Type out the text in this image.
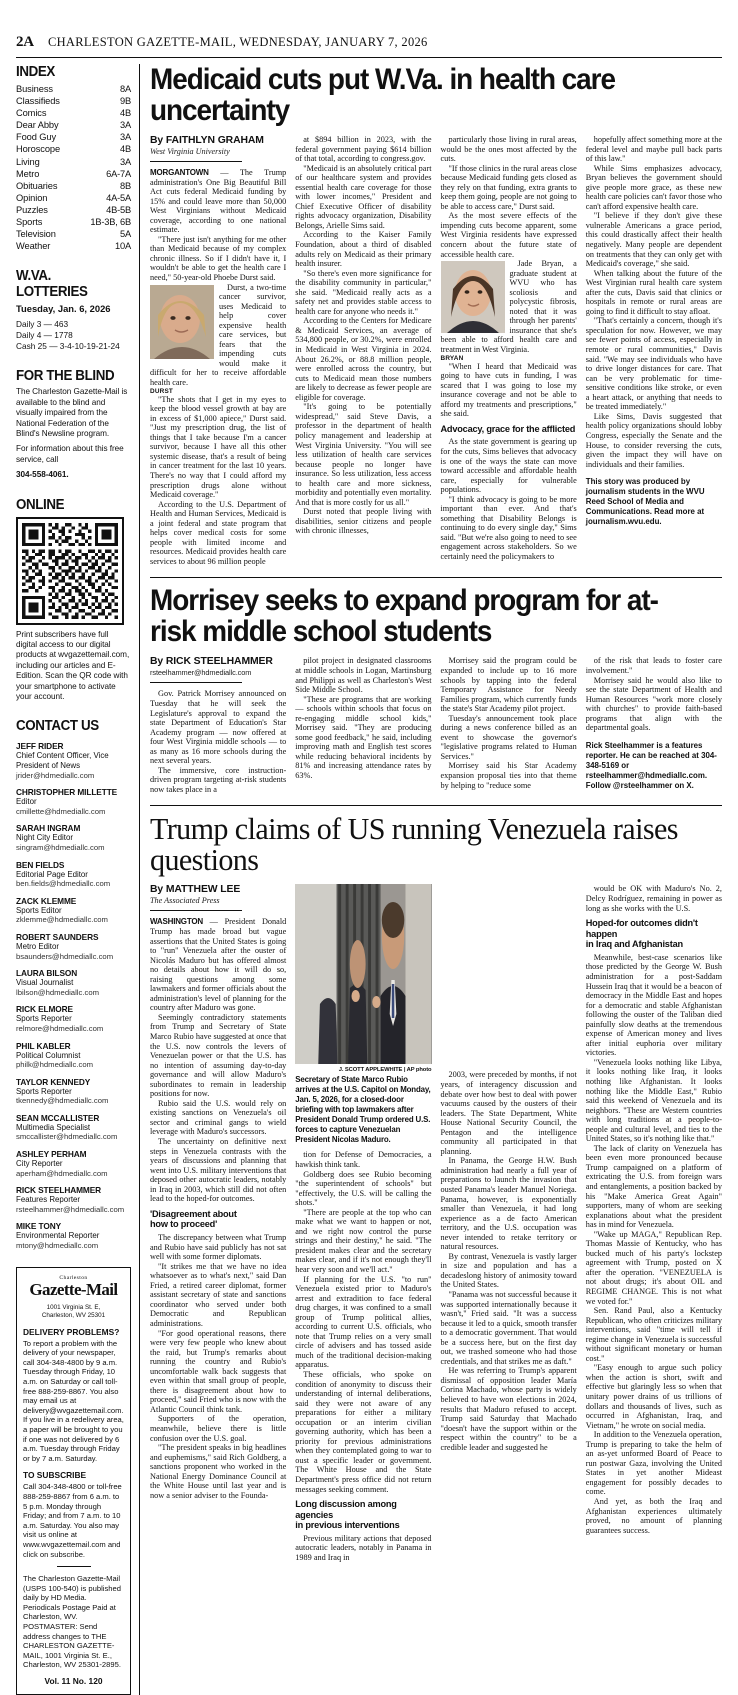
2A CHARLESTON GAZETTE-MAIL, WEDNESDAY, JANUARY 7, 2026
INDEX
Business	8A
Classifieds	9B
Comics	4B
Dear Abby	3A
Food Guy	3A
Horoscope	4B
Living	3A
Metro	6A-7A
Obituaries	8B
Opinion	4A-5A
Puzzles	4B-5B
Sports	1B-3B, 6B
Television	5A
Weather	10A
W.VA. LOTTERIES
Tuesday, Jan. 6, 2026
Daily 3 — 463
Daily 4 — 1778
Cash 25 — 3-4-10-19-21-24
FOR THE BLIND

The Charleston Gazette-Mail is available to the blind and visually impaired from the National Federation of the Blind's Newsline program.

For information about this free service, call

304-558-4061.

ONLINE

Print subscribers have full digital access to our digital products at wvgazettemail.com, including our articles and E-Edition. Scan the QR code with your smartphone to activate your account.

CONTACT US
JEFF RIDER
Chief Content Officer, Vice President of News
jrider@hdmediallc.com
CHRISTOPHER MILLETTE
Editor
cmillette@hdmediallc.com
SARAH INGRAM
Night City Editor
singram@hdmediallc.com
BEN FIELDS
Editorial Page Editor
ben.fields@hdmediallc.com
ZACK KLEMME
Sports Editor
zklemme@hdmediallc.com
ROBERT SAUNDERS
Metro Editor
bsaunders@hdmediallc.com
LAURA BILSON
Visual Journalist
lbilson@hdmediallc.com
RICK ELMORE
Sports Reporter
relmore@hdmediallc.com
PHIL KABLER
Political Columnist
philk@hdmediallc.com
TAYLOR KENNEDY
Sports Reporter
tkennedy@hdmediallc.com
SEAN MCCALLISTER
Multimedia Specialist
smccallister@hdmediallc.com
ASHLEY PERHAM
City Reporter
aperham@hdmediallc.com
RICK STEELHAMMER
Features Reporter
rsteelhammer@hdmediallc.com
MIKE TONY
Environmental Reporter
mtony@hdmediallc.com
Charleston
Gazette-Mail
1001 Virginia St. E,
Charleston, WV 25301
DELIVERY PROBLEMS?

To report a problem with the delivery of your newspaper, call 304-348-4800 by 9 a.m. Tuesday through Friday, 10 a.m. on Saturday or call toll-free 888-259-8867. You also may email us at delivery@wvgazettemail.com. If you live in a redelivery area, a paper will be brought to you if one was not delivered by 6 a.m. Tuesday through Friday or by 7 a.m. Saturday.

TO SUBSCRIBE

Call 304-348-4800 or toll-free 888-259-8867 from 6 a.m. to 5 p.m. Monday through Friday; and from 7 a.m. to 10 a.m. Saturday. You also may visit us online at www.wvgazettemail.com and click on subscribe.

The Charleston Gazette-Mail (USPS 100-540) is published daily by HD Media. Periodicals Postage Paid at Charleston, WV. POSTMASTER: Send address changes to THE CHARLESTON GAZETTE-MAIL, 1001 Virginia St. E., Charleston, WV 25301-2895.

Vol. 11 No. 120
Medicaid cuts put W.Va. in health care uncertainty
By FAITHLYN GRAHAM
West Virginia University

MORGANTOWN — The Trump administration's One Big Beautiful Bill Act cuts federal Medicaid funding by 15% and could leave more than 50,000 West Virginians without Medicaid coverage, according to one national estimate.

"There just isn't anything for me other than Medicaid because of my complex chronic illness. So if I didn't have it, I wouldn't be able to get the health care I need," 50-year-old Phoebe Durst said.

Durst, a two-time cancer survivor, uses Medicaid to help cover expensive health care services, but fears that the impending cuts would make it difficult for her to receive affordable health care.

DURST

"The shots that I get in my eyes to keep the blood vessel growth at bay are in excess of $1,000 apiece," Durst said. "Just my prescription drug, the list of things that I take because I'm a cancer survivor, because I have all this other systemic disease, that's a result of being in cancer treatment for the last 10 years. There's no way that I could afford my prescription drugs alone without Medicaid coverage."

According to the U.S. Department of Health and Human Services, Medicaid is a joint federal and state program that helps cover medical costs for some people with limited income and resources. Medicaid provides health care services to about 96 million people

at $894 billion in 2023, with the federal government paying $614 billion of that total, according to congress.gov.

"Medicaid is an absolutely critical part of our healthcare system and provides essential health care coverage for those with lower incomes," President and Chief Executive Officer of disability rights advocacy organization, Disability Belongs, Arielle Sims said.

According to the Kaiser Family Foundation, about a third of disabled adults rely on Medicaid as their primary health insurer.

"So there's even more significance for the disability community in particular," she said. "Medicaid really acts as a safety net and provides stable access to health care for anyone who needs it."

According to the Centers for Medicare & Medicaid Services, an average of 534,800 people, or 30.2%, were enrolled in Medicaid in West Virginia in 2024. About 26.2%, or 88.8 million people, were enrolled across the country, but cuts to Medicaid mean those numbers are likely to decrease as fewer people are eligible for coverage.

"It's going to be potentially widespread," said Steve Davis, a professor in the department of health policy management and leadership at West Virginia University. "You will see less utilization of health care services because people no longer have insurance. So less utilization, less access to health care and more sickness, morbidity and potentially even mortality. And that is more costly for us all."

Durst noted that people living with disabilities, senior citizens and people with chronic illnesses,

particularly those living in rural areas, would be the ones most affected by the cuts.

"If those clinics in the rural areas close because Medicaid funding gets closed as they rely on that funding, extra grants to keep them going, people are not going to be able to access care," Durst said.

As the most severe effects of the impending cuts become apparent, some West Virginia residents have expressed concern about the future state of accessible health care.

Jade Bryan, a graduate student at WVU who has scoliosis and polycystic fibrosis, noted that it was through her parents' insurance that she's been able to afford health care and treatment in West Virginia.

BRYAN

"When I heard that Medicaid was going to have cuts in funding, I was scared that I was going to lose my insurance coverage and not be able to afford my treatments and prescriptions," she said.

Advocacy, grace for the afflicted

As the state government is gearing up for the cuts, Sims believes that advocacy is one of the ways the state can move toward accessible and affordable health care, especially for vulnerable populations.

"I think advocacy is going to be more important than ever. And that's something that Disability Belongs is continuing to do every single day," Sims said. "But we're also going to need to see engagement across stakeholders. So we certainly need the policymakers to

hopefully affect something more at the federal level and maybe pull back parts of this law."

While Sims emphasizes advocacy, Bryan believes the government should give people more grace, as these new health care policies can't favor those who can't afford expensive health care.

"I believe if they don't give these vulnerable Americans a grace period, this could drastically affect their health negatively. Many people are dependent on treatments that they can only get with Medicaid's coverage," she said.

When talking about the future of the West Virginian rural health care system after the cuts, Davis said that clinics or hospitals in remote or rural areas are going to find it difficult to stay afloat.

"That's certainly a concern, though it's speculation for now. However, we may see fewer points of access, especially in remote or rural communities," Davis said. "We may see individuals who have to drive longer distances for care. That can be very problematic for time-sensitive conditions like stroke, or even a heart attack, or anything that needs to be treated immediately."

Like Sims, Davis suggested that health policy organizations should lobby Congress, especially the Senate and the House, to consider reversing the cuts, given the impact they will have on individuals and their families.

This story was produced by journalism students in the WVU Reed School of Media and Communications. Read more at journalism.wvu.edu.
Morrisey seeks to expand program for at-risk middle school students
By RICK STEELHAMMER
rsteelhammer@hdmediallc.com

Gov. Patrick Morrisey announced on Tuesday that he will seek the Legislature's approval to expand the state Department of Education's Star Academy program — now offered at four West Virginia middle schools — to as many as 16 more schools during the next several years.

The immersive, core instruction-driven program targeting at-risk students now takes place in a

pilot project in designated classrooms at middle schools in Logan, Martinsburg and Philippi as well as Charleston's West Side Middle School.

"These are programs that are working — schools within schools that focus on re-engaging middle school kids," Morrisey said. "They are producing some good feedback," he said, including improving math and English test scores while reducing behavioral incidents by 81% and increasing attendance rates by 63%.

Morrisey said the program could be expanded to include up to 16 more schools by tapping into the federal Temporary Assistance for Needy Families program, which currently funds the state's Star Academy pilot project.

Tuesday's announcement took place during a news conference billed as an event to showcase the governor's "legislative programs related to Human Services."

Morrisey said his Star Academy expansion proposal ties into that theme by helping to "reduce some

of the risk that leads to foster care involvement."

Morrisey said he would also like to see the state Department of Health and Human Resources "work more closely with churches" to provide faith-based programs that align with the departmental goals.

Rick Steelhammer is a features reporter. He can be reached at 304-348-5169 or rsteelhammer@hdmediallc.com. Follow @rsteelhammer on X.
Trump claims of US running Venezuela raises questions
By MATTHEW LEE
The Associated Press

WASHINGTON — President Donald Trump has made broad but vague assertions that the United States is going to "run" Venezuela after the ouster of Nicolás Maduro but has offered almost no details about how it will do so, raising questions among some lawmakers and former officials about the administration's level of planning for the country after Maduro was gone.

Seemingly contradictory statements from Trump and Secretary of State Marco Rubio have suggested at once that the U.S. now controls the levers of Venezuelan power or that the U.S. has no intention of assuming day-to-day governance and will allow Maduro's subordinates to remain in leadership positions for now.

Rubio said the U.S. would rely on existing sanctions on Venezuela's oil sector and criminal gangs to wield leverage with Maduro's successors.

The uncertainty on definitive next steps in Venezuela contrasts with the years of discussions and planning that went into U.S. military interventions that deposed other autocratic leaders, notably in Iraq in 2003, which still did not often lead to the hoped-for outcomes.

'Disagreement about
how to proceed'

The discrepancy between what Trump and Rubio have said publicly has not sat well with some former diplomats.

"It strikes me that we have no idea whatsoever as to what's next," said Dan Fried, a retired career diplomat, former assistant secretary of state and sanctions coordinator who served under both Democratic and Republican administrations.

"For good operational reasons, there were very few people who knew about the raid, but Trump's remarks about running the country and Rubio's uncomfortable walk back suggests that even within that small group of people, there is disagreement about how to proceed," said Fried who is now with the Atlantic Council think tank.

Supporters of the operation, meanwhile, believe there is little confusion over the U.S. goal.

"The president speaks in big headlines and euphemisms," said Rich Goldberg, a sanctions proponent who worked in the National Energy Dominance Council at the White House until last year and is now a senior adviser to the Founda-

J. SCOTT APPLEWHITE | AP photo
Secretary of State Marco Rubio arrives at the U.S. Capitol on Monday, Jan. 5, 2026, for a closed-door briefing with top lawmakers after President Donald Trump ordered U.S. forces to capture Venezuelan President Nicolas Maduro.

tion for Defense of Democracies, a hawkish think tank.

Goldberg does see Rubio becoming "the superintendent of schools" but "effectively, the U.S. will be calling the shots."

"There are people at the top who can make what we want to happen or not, and we right now control the purse strings and their destiny," he said. "The president makes clear and the secretary makes clear, and if it's not enough they'll hear very soon and we'll act."

If planning for the U.S. "to run" Venezuela existed prior to Maduro's arrest and extradition to face federal drug charges, it was confined to a small group of Trump political allies, according to current U.S. officials, who note that Trump relies on a very small circle of advisers and has tossed aside much of the traditional decision-making apparatus.

These officials, who spoke on condition of anonymity to discuss their understanding of internal deliberations, said they were not aware of any preparations for either a military occupation or an interim civilian governing authority, which has been a priority for previous administrations when they contemplated going to war to oust a specific leader or government. The White House and the State Department's press office did not return messages seeking comment.

Long discussion among agencies
in previous interventions

Previous military actions that deposed autocratic leaders, notably in Panama in 1989 and Iraq in

2003, were preceded by months, if not years, of interagency discussion and debate over how best to deal with power vacuums caused by the ousters of their leaders. The State Department, White House National Security Council, the Pentagon and the intelligence community all participated in that planning.

In Panama, the George H.W. Bush administration had nearly a full year of preparations to launch the invasion that ousted Panama's leader Manuel Noriega. Panama, however, is exponentially smaller than Venezuela, it had long experience as a de facto American territory, and the U.S. occupation was never intended to retake territory or natural resources.

By contrast, Venezuela is vastly larger in size and population and has a decadeslong history of animosity toward the United States.

"Panama was not successful because it was supported internationally because it wasn't," Fried said. "It was a success because it led to a quick, smooth transfer to a democratic government. That would be a success here, but on the first day out, we trashed someone who had those credentials, and that strikes me as daft."

He was referring to Trump's apparent dismissal of opposition leader María Corina Machado, whose party is widely believed to have won elections in 2024, results that Maduro refused to accept. Trump said Saturday that Machado "doesn't have the support within or the respect within the country" to be a credible leader and suggested he

would be OK with Maduro's No. 2, Delcy Rodríguez, remaining in power as long as she works with the U.S.

Hoped-for outcomes didn't happen
in Iraq and Afghanistan

Meanwhile, best-case scenarios like those predicted by the George W. Bush administration for a post-Saddam Hussein Iraq that it would be a beacon of democracy in the Middle East and hopes for a democratic and stable Afghanistan following the ouster of the Taliban died painfully slow deaths at the tremendous expense of American money and lives after initial euphoria over military victories.

"Venezuela looks nothing like Libya, it looks nothing like Iraq, it looks nothing like Afghanistan. It looks nothing like the Middle East," Rubio said this weekend of Venezuela and its neighbors. "These are Western countries with long traditions at a people-to-people and cultural level, and ties to the United States, so it's nothing like that."

The lack of clarity on Venezuela has been even more pronounced because Trump campaigned on a platform of extricating the U.S. from foreign wars and entanglements, a position backed by his "Make America Great Again" supporters, many of whom are seeking explanations about what the president has in mind for Venezuela.

"Wake up MAGA," Republican Rep. Thomas Massie of Kentucky, who has bucked much of his party's lockstep agreement with Trump, posted on X after the operation. "VENEZUELA is not about drugs; it's about OIL and REGIME CHANGE. This is not what we voted for."

Sen. Rand Paul, also a Kentucky Republican, who often criticizes military interventions, said "time will tell if regime change in Venezuela is successful without significant monetary or human cost."

"Easy enough to argue such policy when the action is short, swift and effective but glaringly less so when that unitary power drains of us trillions of dollars and thousands of lives, such as occurred in Afghanistan, Iraq, and Vietnam," he wrote on social media.

In addition to the Venezuela operation, Trump is preparing to take the helm of an as-yet unformed Board of Peace to run postwar Gaza, involving the United States in yet another Mideast engagement for possibly decades to come.

And yet, as both the Iraq and Afghanistan experiences ultimately proved, no amount of planning guarantees success.
